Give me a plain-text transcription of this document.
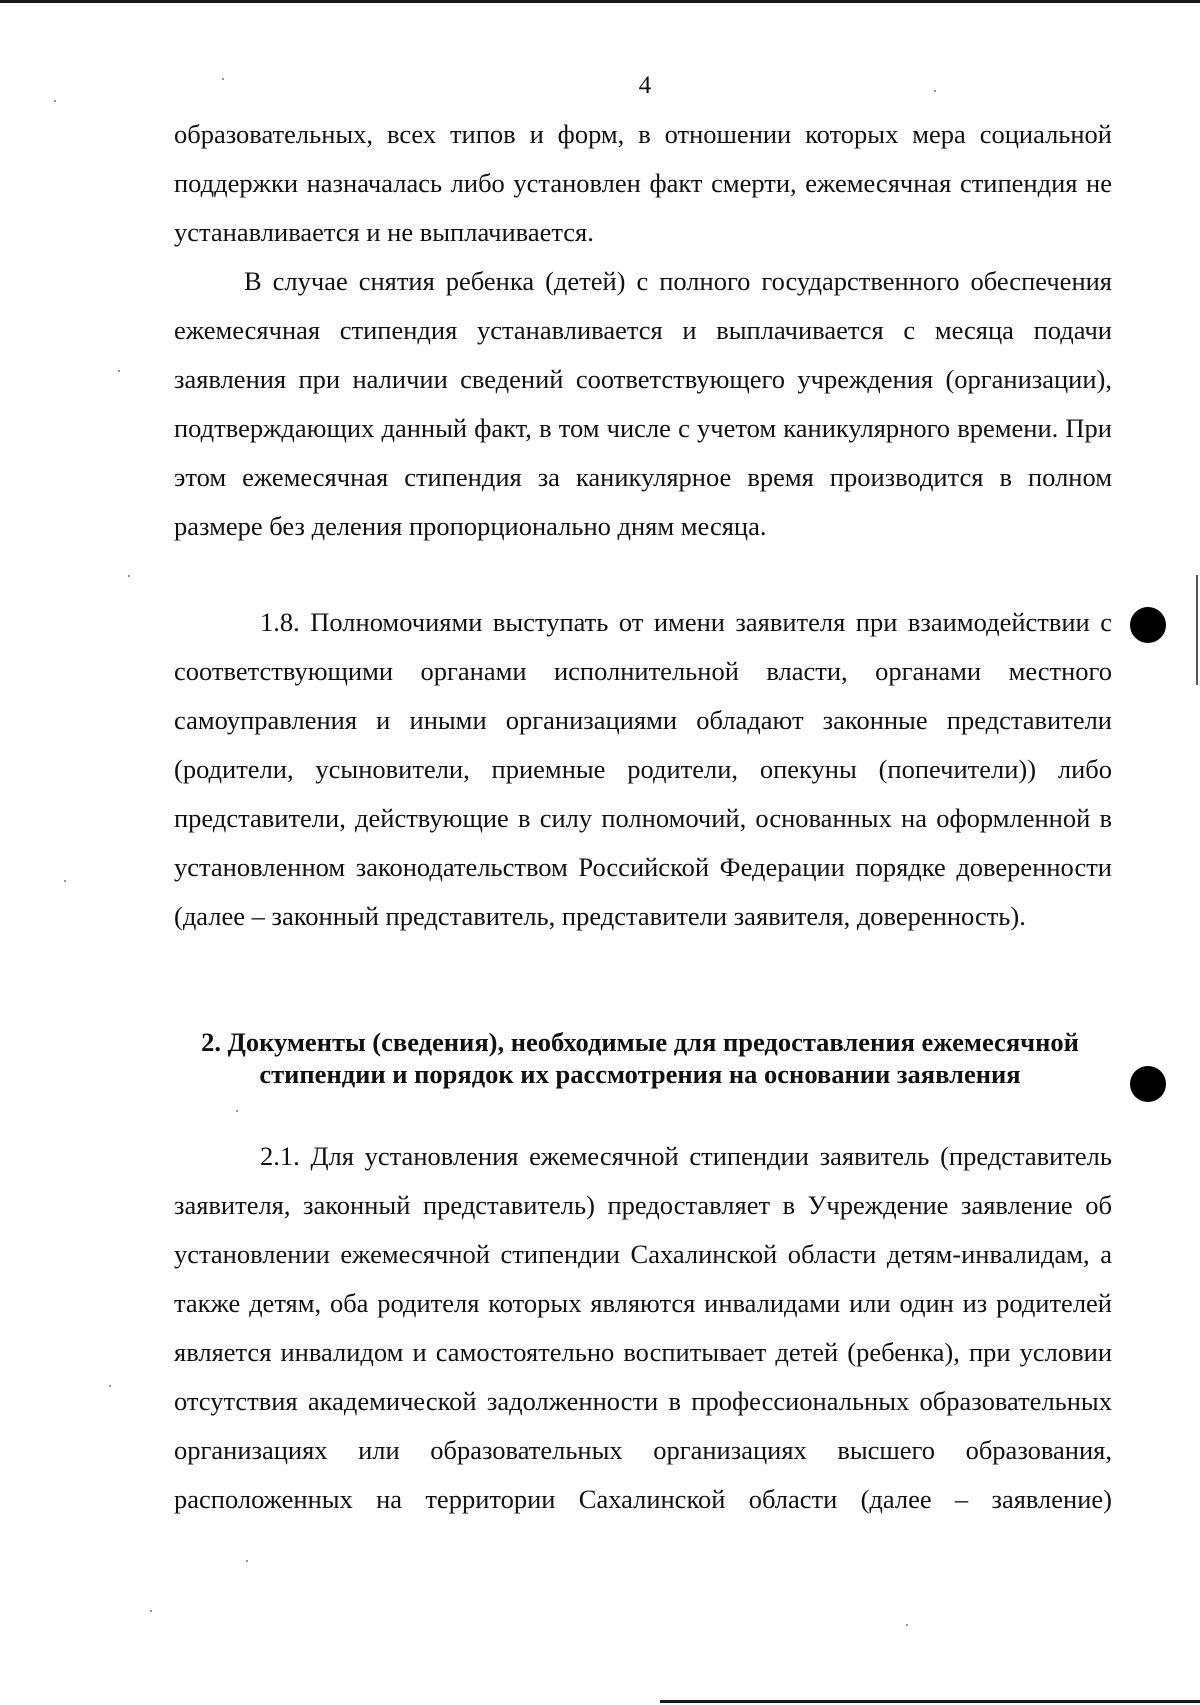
4
образовательных, всех типов и форм, в отношении которых мера социальной поддержки назначалась либо установлен факт смерти, ежемесячная стипендия не устанавливается и не выплачивается.
В случае снятия ребенка (детей) с полного государственного обеспечения ежемесячная стипендия устанавливается и выплачивается с месяца подачи заявления при наличии сведений соответствующего учреждения (организации), подтверждающих данный факт, в том числе с учетом каникулярного времени. При этом ежемесячная стипендия за каникулярное время производится в полном размере без деления пропорционально дням месяца.
1.8. Полномочиями выступать от имени заявителя при взаимодействии с соответствующими органами исполнительной власти, органами местного самоуправления и иными организациями обладают законные представители (родители, усыновители, приемные родители, опекуны (попечители)) либо представители, действующие в силу полномочий, основанных на оформленной в установленном законодательством Российской Федерации порядке доверенности (далее – законный представитель, представители заявителя, доверенность).
2. Документы (сведения), необходимые для предоставления ежемесячной
стипендии и порядок их рассмотрения на основании заявления
2.1. Для установления ежемесячной стипендии заявитель (представитель заявителя, законный представитель) предоставляет в Учреждение заявление об установлении ежемесячной стипендии Сахалинской области детям-инвалидам, а также детям, оба родителя которых являются инвалидами или один из родителей является инвалидом и самостоятельно воспитывает детей (ребенка), при условии отсутствия академической задолженности в профессиональных образовательных организациях или образовательных организациях высшего образования, расположенных на территории Сахалинской области (далее – заявление)
